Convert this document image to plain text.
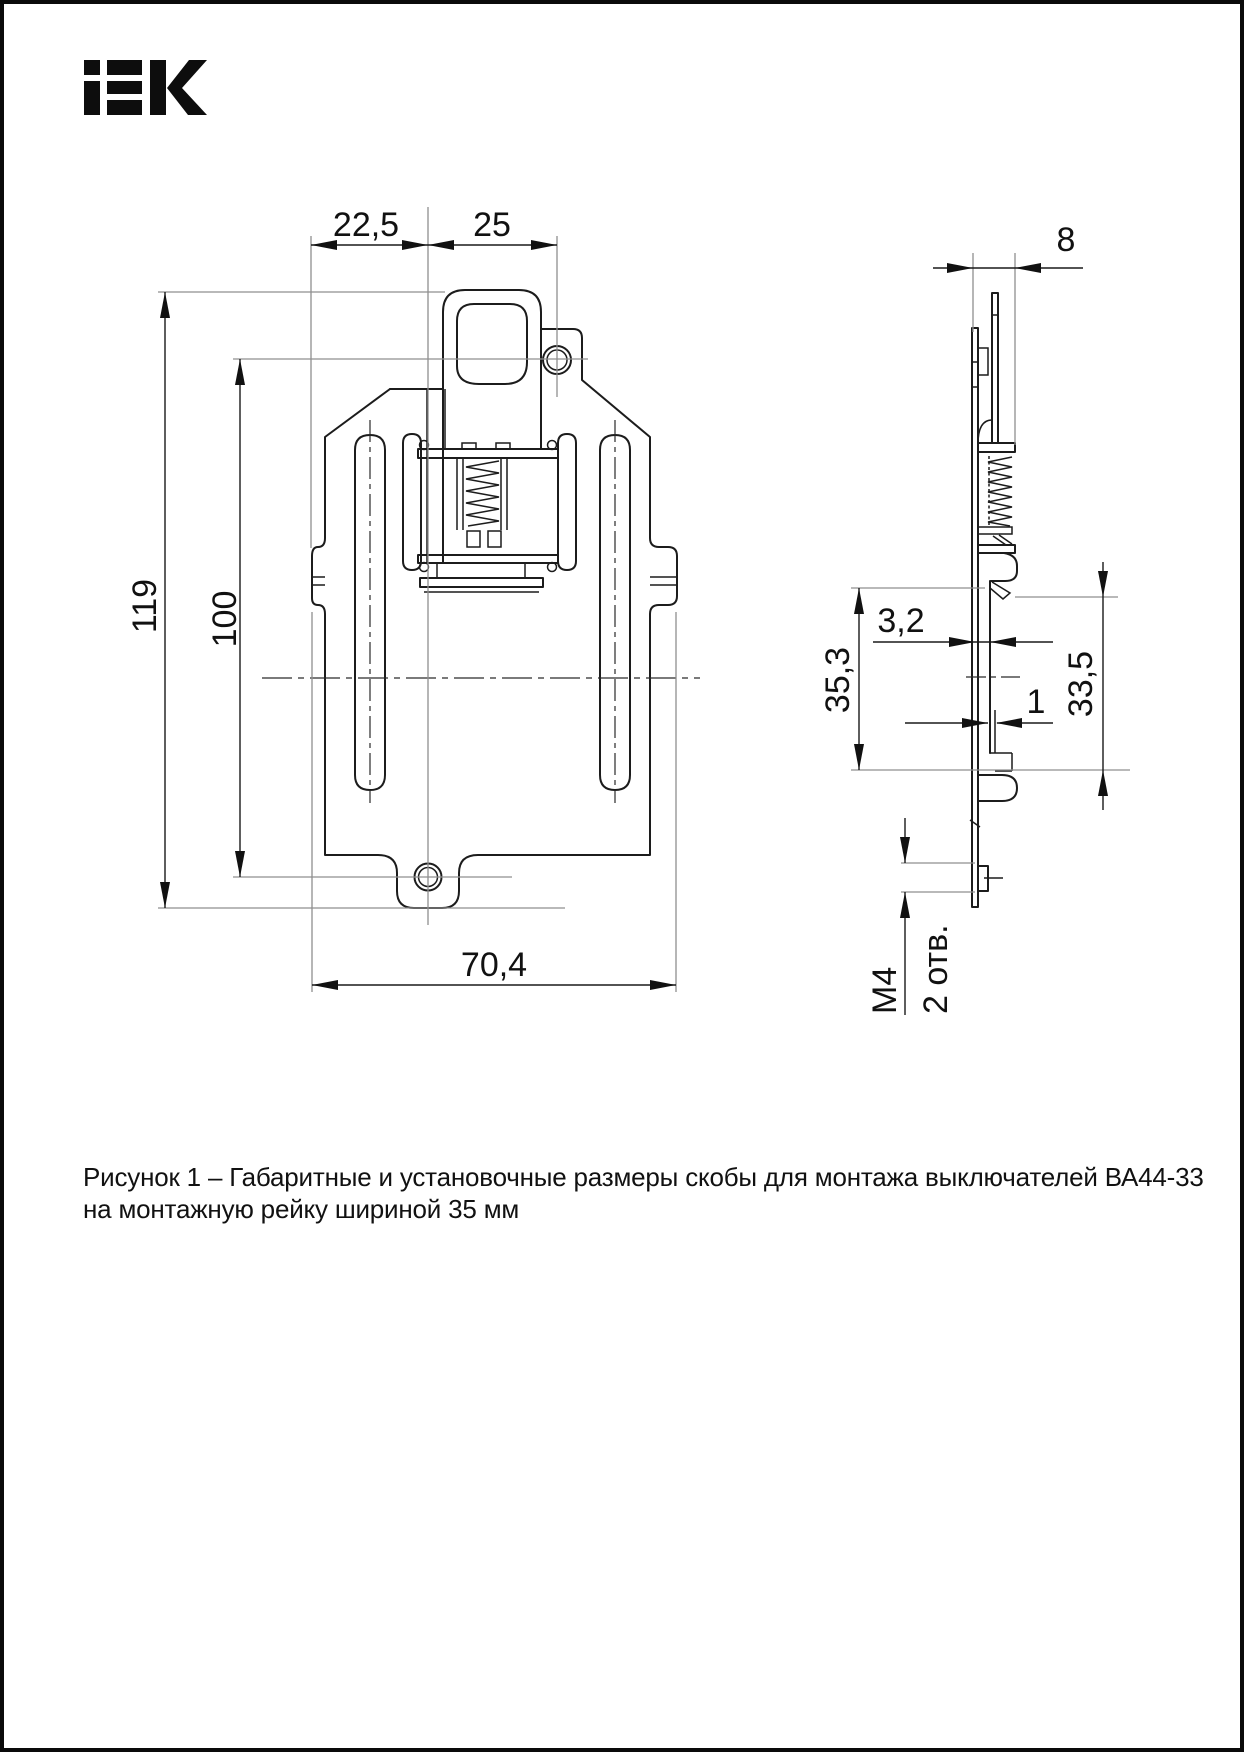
22,5 25
119 100
70,4
8
3,2
1
35,3	33,5
M4 2 отв.
Рисунок 1 – Габаритные и установочные размеры скобы для монтажа выключателей ВА44-33
на монтажную рейку шириной 35 мм
